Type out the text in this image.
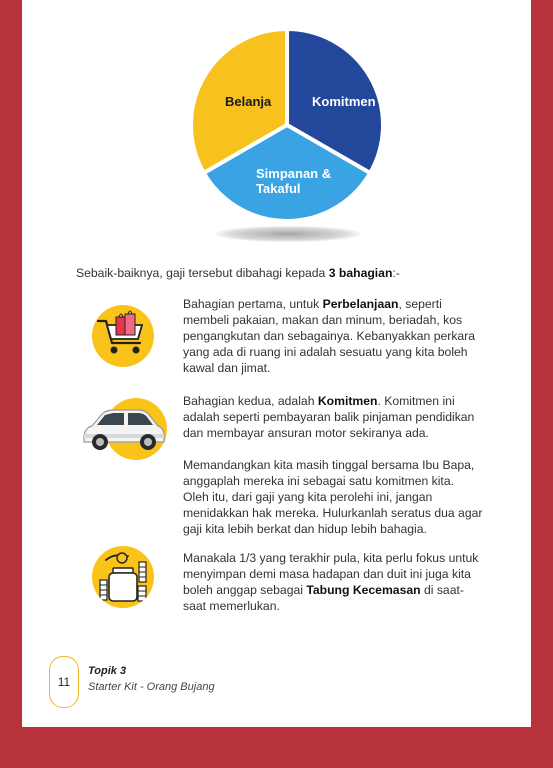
Belanja	Komitmen
Simpanan &
Takaful
Sebaik-baiknya, gaji tersebut dibahagi kepada 3 bahagian:-
Bahagian pertama, untuk Perbelanjaan, seperti membeli pakaian, makan dan minum, beriadah, kos pengangkutan dan sebagainya. Kebanyakkan perkara yang ada di ruang ini adalah sesuatu yang kita boleh kawal dan jimat.
Bahagian kedua, adalah Komitmen. Komitmen ini adalah seperti pembayaran balik pinjaman pendidikan dan membayar ansuran motor sekiranya ada.
Memandangkan kita masih tinggal bersama Ibu Bapa, anggaplah mereka ini sebagai satu komitmen kita. Oleh itu, dari gaji yang kita perolehi ini, jangan menidakkan hak mereka. Hulurkanlah seratus dua agar gaji kita lebih berkat dan hidup lebih bahagia.
Manakala 1/3 yang terakhir pula, kita perlu fokus untuk menyimpan demi masa hadapan dan duit ini juga kita boleh anggap sebagai Tabung Kecemasan di saat-saat memerlukan.
11
Topik 3
Starter Kit - Orang Bujang
